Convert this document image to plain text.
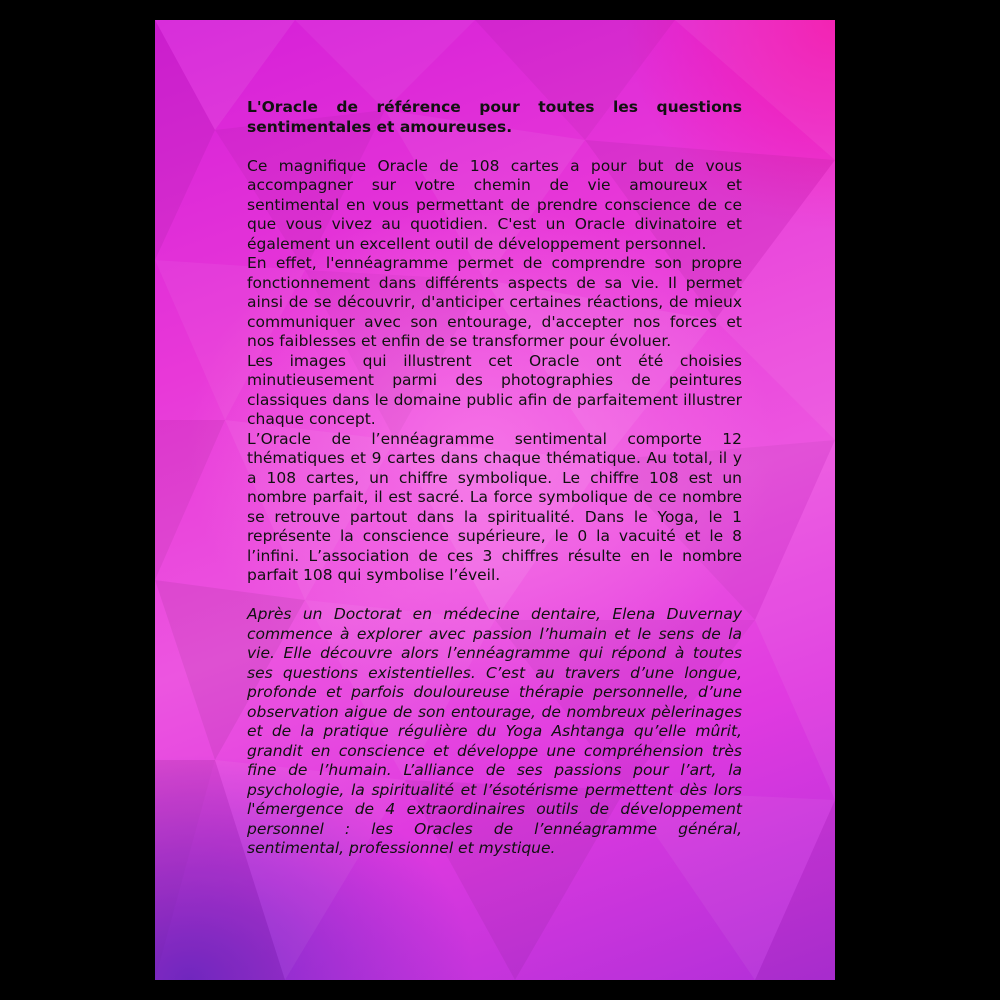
L'Oracle de référence pour toutes les questions sentimentales et amoureuses.

Ce magnifique Oracle de 108 cartes a pour but de vous accompagner sur votre chemin de vie amoureux et sentimental en vous permettant de prendre conscience de ce que vous vivez au quotidien. C'est un Oracle divinatoire et également un excellent outil de développement personnel.

En effet, l'ennéagramme permet de comprendre son propre fonctionnement dans différents aspects de sa vie. Il permet ainsi de se découvrir, d'anticiper certaines réactions, de mieux communiquer avec son entourage, d'accepter nos forces et nos faiblesses et enfin de se transformer pour évoluer.

Les images qui illustrent cet Oracle ont été choisies minutieusement parmi des photographies de peintures classiques dans le domaine public afin de parfaitement illustrer chaque concept.

L’Oracle de l’ennéagramme sentimental comporte 12 thématiques et 9 cartes dans chaque thématique. Au total, il y a 108 cartes, un chiffre symbolique. Le chiffre 108 est un nombre parfait, il est sacré. La force symbolique de ce nombre se retrouve partout dans la spiritualité. Dans le Yoga, le 1 représente la conscience supérieure, le 0 la vacuité et le 8 l’infini. L’association de ces 3 chiffres résulte en le nombre parfait 108 qui symbolise l’éveil.

Après un Doctorat en médecine dentaire, Elena Duvernay commence à explorer avec passion l’humain et le sens de la vie. Elle découvre alors l’ennéagramme qui répond à toutes ses questions existentielles. C’est au travers d’une longue, profonde et parfois douloureuse thérapie personnelle, d’une observation aigue de son entourage, de nombreux pèlerinages et de la pratique régulière du Yoga Ashtanga qu’elle mûrit, grandit en conscience et développe une compréhension très fine de l’humain. L’alliance de ses passions pour l’art, la psychologie, la spiritualité et l’ésotérisme permettent dès lors l'émergence de 4 extraordinaires outils de développement personnel : les Oracles de l’ennéagramme général, sentimental, professionnel et mystique.
